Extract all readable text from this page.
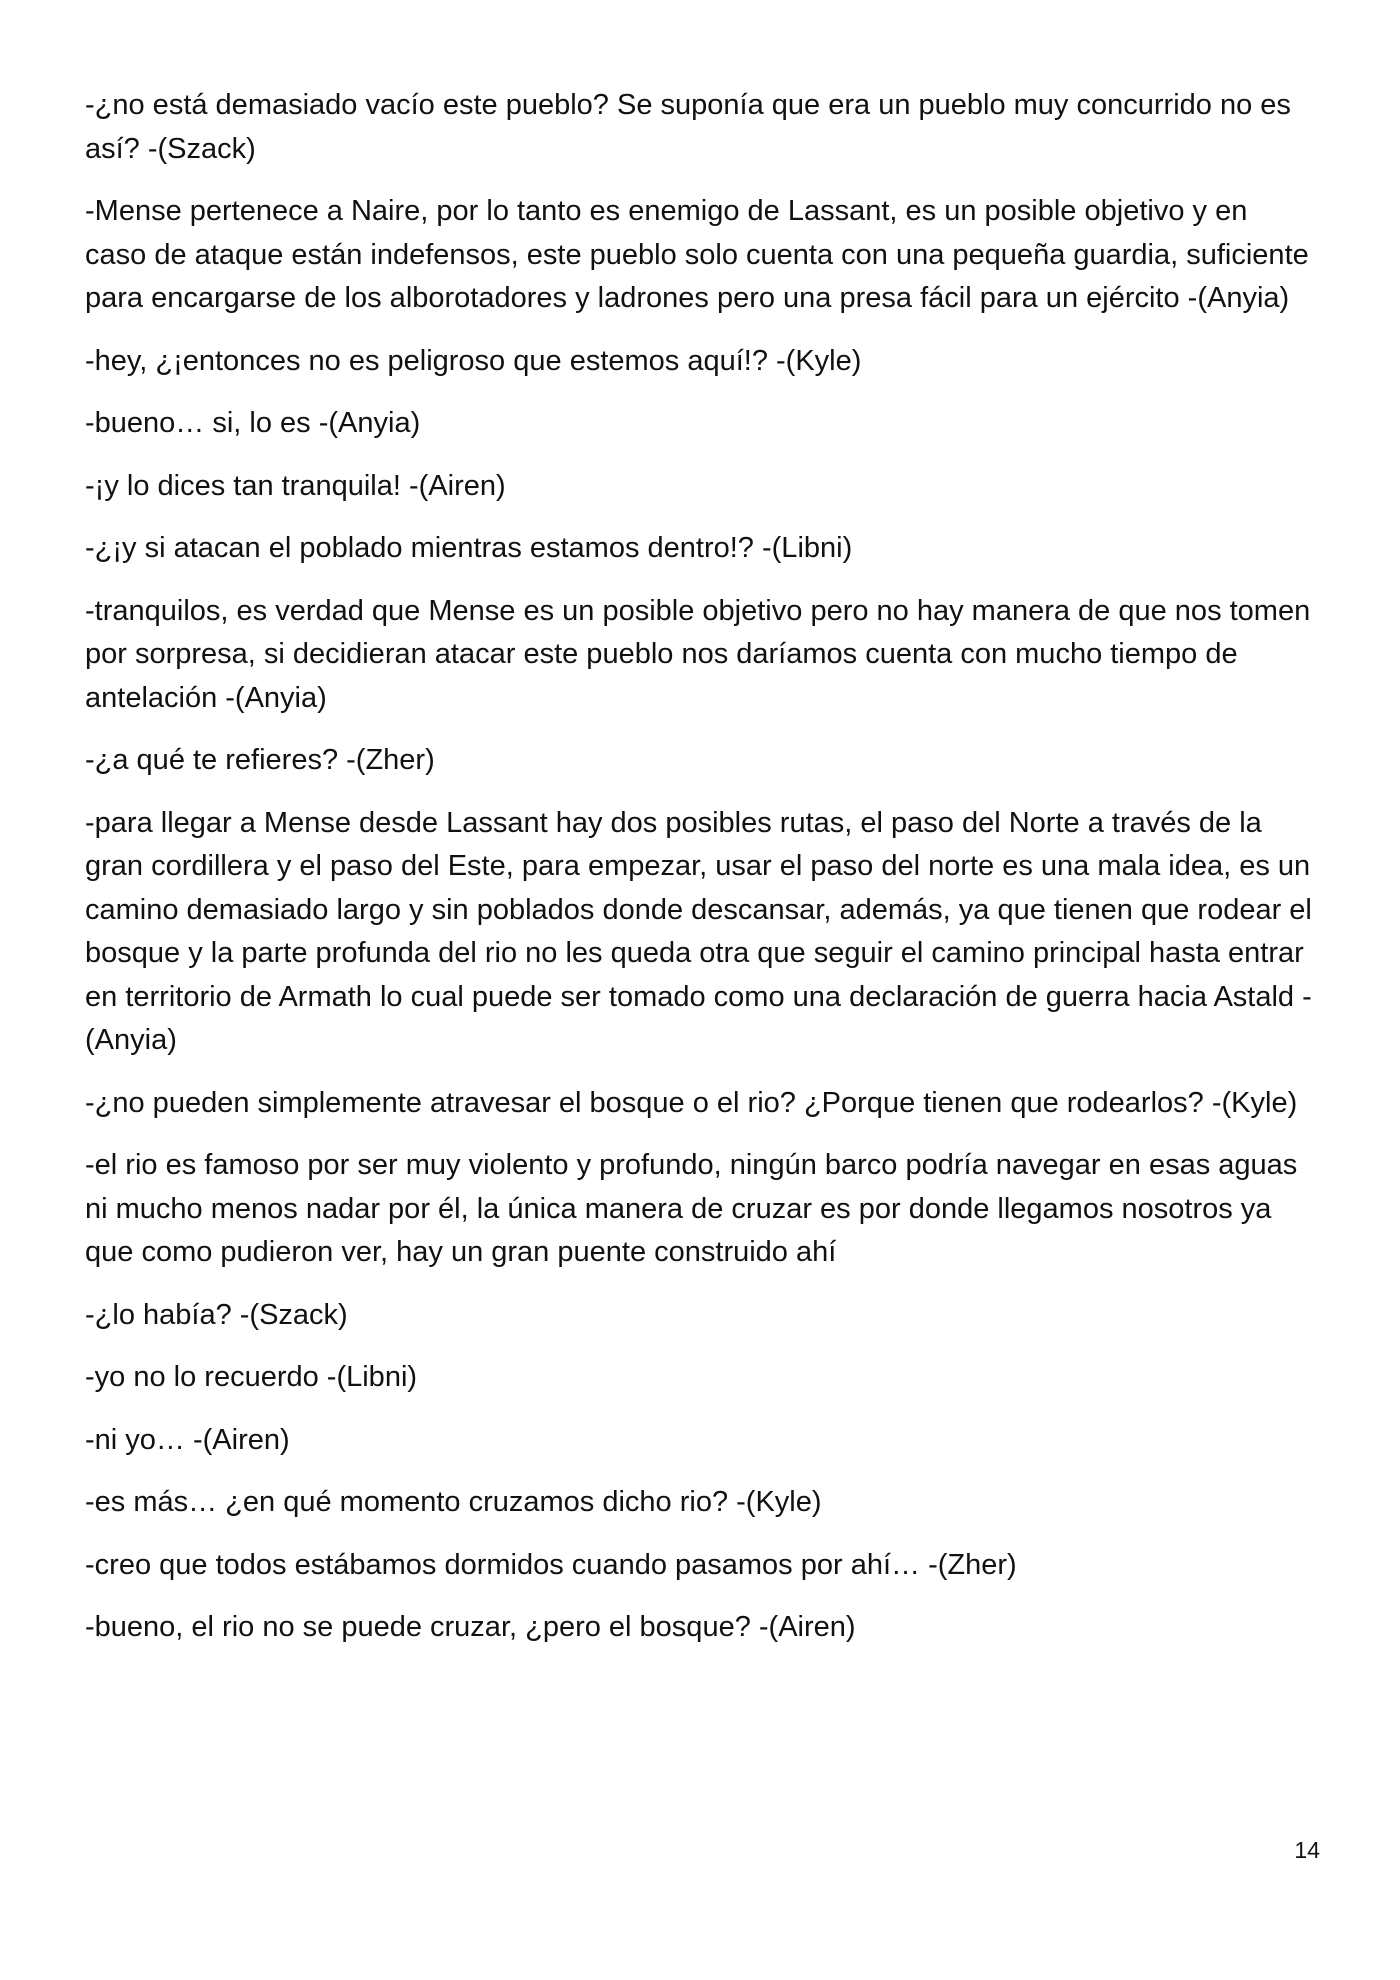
-¿no está demasiado vacío este pueblo? Se suponía que era un pueblo muy concurrido no es así? -(Szack)

-Mense pertenece a Naire, por lo tanto es enemigo de Lassant, es un posible objetivo y en caso de ataque están indefensos, este pueblo solo cuenta con una pequeña guardia, suficiente para encargarse de los alborotadores y ladrones pero una presa fácil para un ejército -(Anyia)

-hey, ¿¡entonces no es peligroso que estemos aquí!? -(Kyle)

-bueno… si, lo es -(Anyia)

-¡y lo dices tan tranquila! -(Airen)

-¿¡y si atacan el poblado mientras estamos dentro!? -(Libni)

-tranquilos, es verdad que Mense es un posible objetivo pero no hay manera de que nos tomen por sorpresa, si decidieran atacar este pueblo nos daríamos cuenta con mucho tiempo de antelación -(Anyia)

-¿a qué te refieres? -(Zher)

-para llegar a Mense desde Lassant hay dos posibles rutas, el paso del Norte a través de la gran cordillera y el paso del Este, para empezar, usar el paso del norte es una mala idea, es un camino demasiado largo y sin poblados donde descansar, además, ya que tienen que rodear el bosque y la parte profunda del rio no les queda otra que seguir el camino principal hasta entrar en territorio de Armath lo cual puede ser tomado como una declaración de guerra hacia Astald -(Anyia)

-¿no pueden simplemente atravesar el bosque o el rio? ¿Porque tienen que rodearlos? -(Kyle)

-el rio es famoso por ser muy violento y profundo, ningún barco podría navegar en esas aguas ni mucho menos nadar por él, la única manera de cruzar es por donde llegamos nosotros ya que como pudieron ver, hay un gran puente construido ahí

-¿lo había? -(Szack)

-yo no lo recuerdo -(Libni)

-ni yo… -(Airen)

-es más… ¿en qué momento cruzamos dicho rio? -(Kyle)

-creo que todos estábamos dormidos cuando pasamos por ahí… -(Zher)

-bueno, el rio no se puede cruzar, ¿pero el bosque? -(Airen)

14
